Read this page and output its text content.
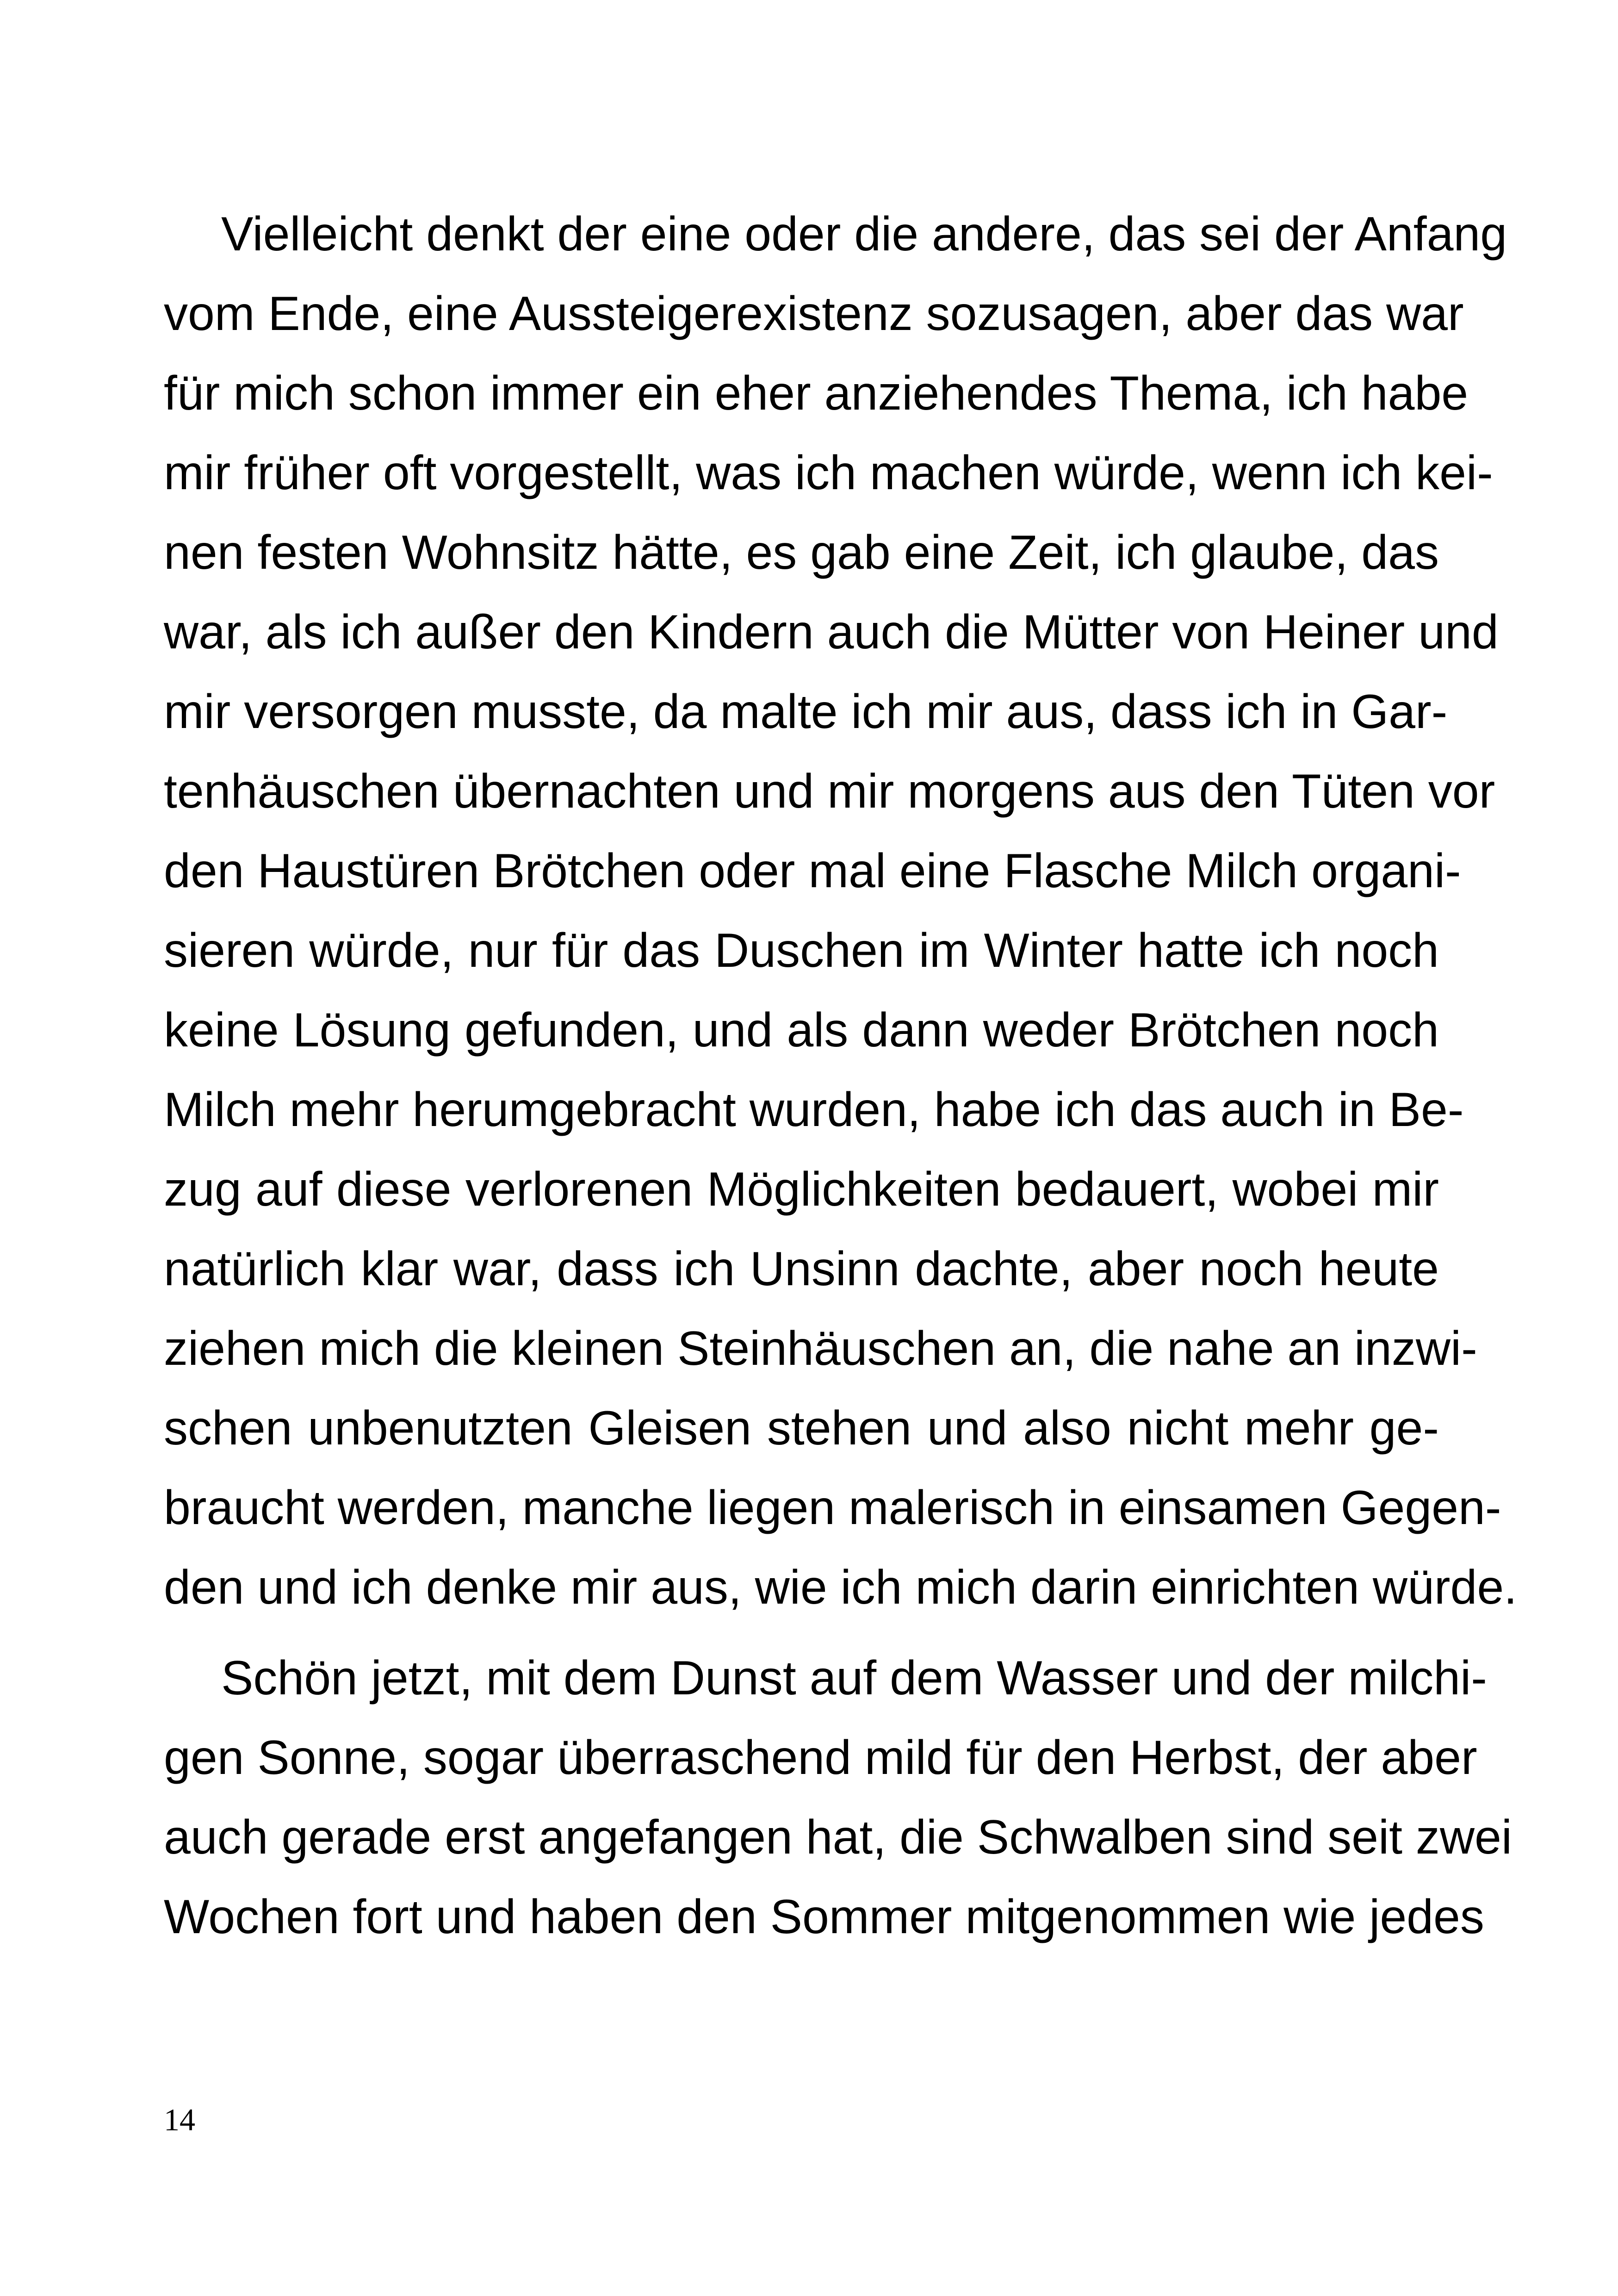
Vielleicht denkt der eine oder die andere, das sei der Anfang
vom Ende, eine Aussteigerexistenz sozusagen, aber das war
für mich schon immer ein eher anziehendes Thema, ich habe
mir früher oft vorgestellt, was ich machen würde, wenn ich kei-
nen festen Wohnsitz hätte, es gab eine Zeit, ich glaube, das
war, als ich außer den Kindern auch die Mütter von Heiner und
mir versorgen musste, da malte ich mir aus, dass ich in Gar-
tenhäuschen übernachten und mir morgens aus den Tüten vor
den Haustüren Brötchen oder mal eine Flasche Milch organi-
sieren würde, nur für das Duschen im Winter hatte ich noch
keine Lösung gefunden, und als dann weder Brötchen noch
Milch mehr herumgebracht wurden, habe ich das auch in Be-
zug auf diese verlorenen Möglichkeiten bedauert, wobei mir
natürlich klar war, dass ich Unsinn dachte, aber noch heute
ziehen mich die kleinen Steinhäuschen an, die nahe an inzwi-
schen unbenutzten Gleisen stehen und also nicht mehr ge-
braucht werden, manche liegen malerisch in einsamen Gegen-
den und ich denke mir aus, wie ich mich darin einrichten würde.
Schön jetzt, mit dem Dunst auf dem Wasser und der milchi-
gen Sonne, sogar überraschend mild für den Herbst, der aber
auch gerade erst angefangen hat, die Schwalben sind seit zwei
Wochen fort und haben den Sommer mitgenommen wie jedes
14
